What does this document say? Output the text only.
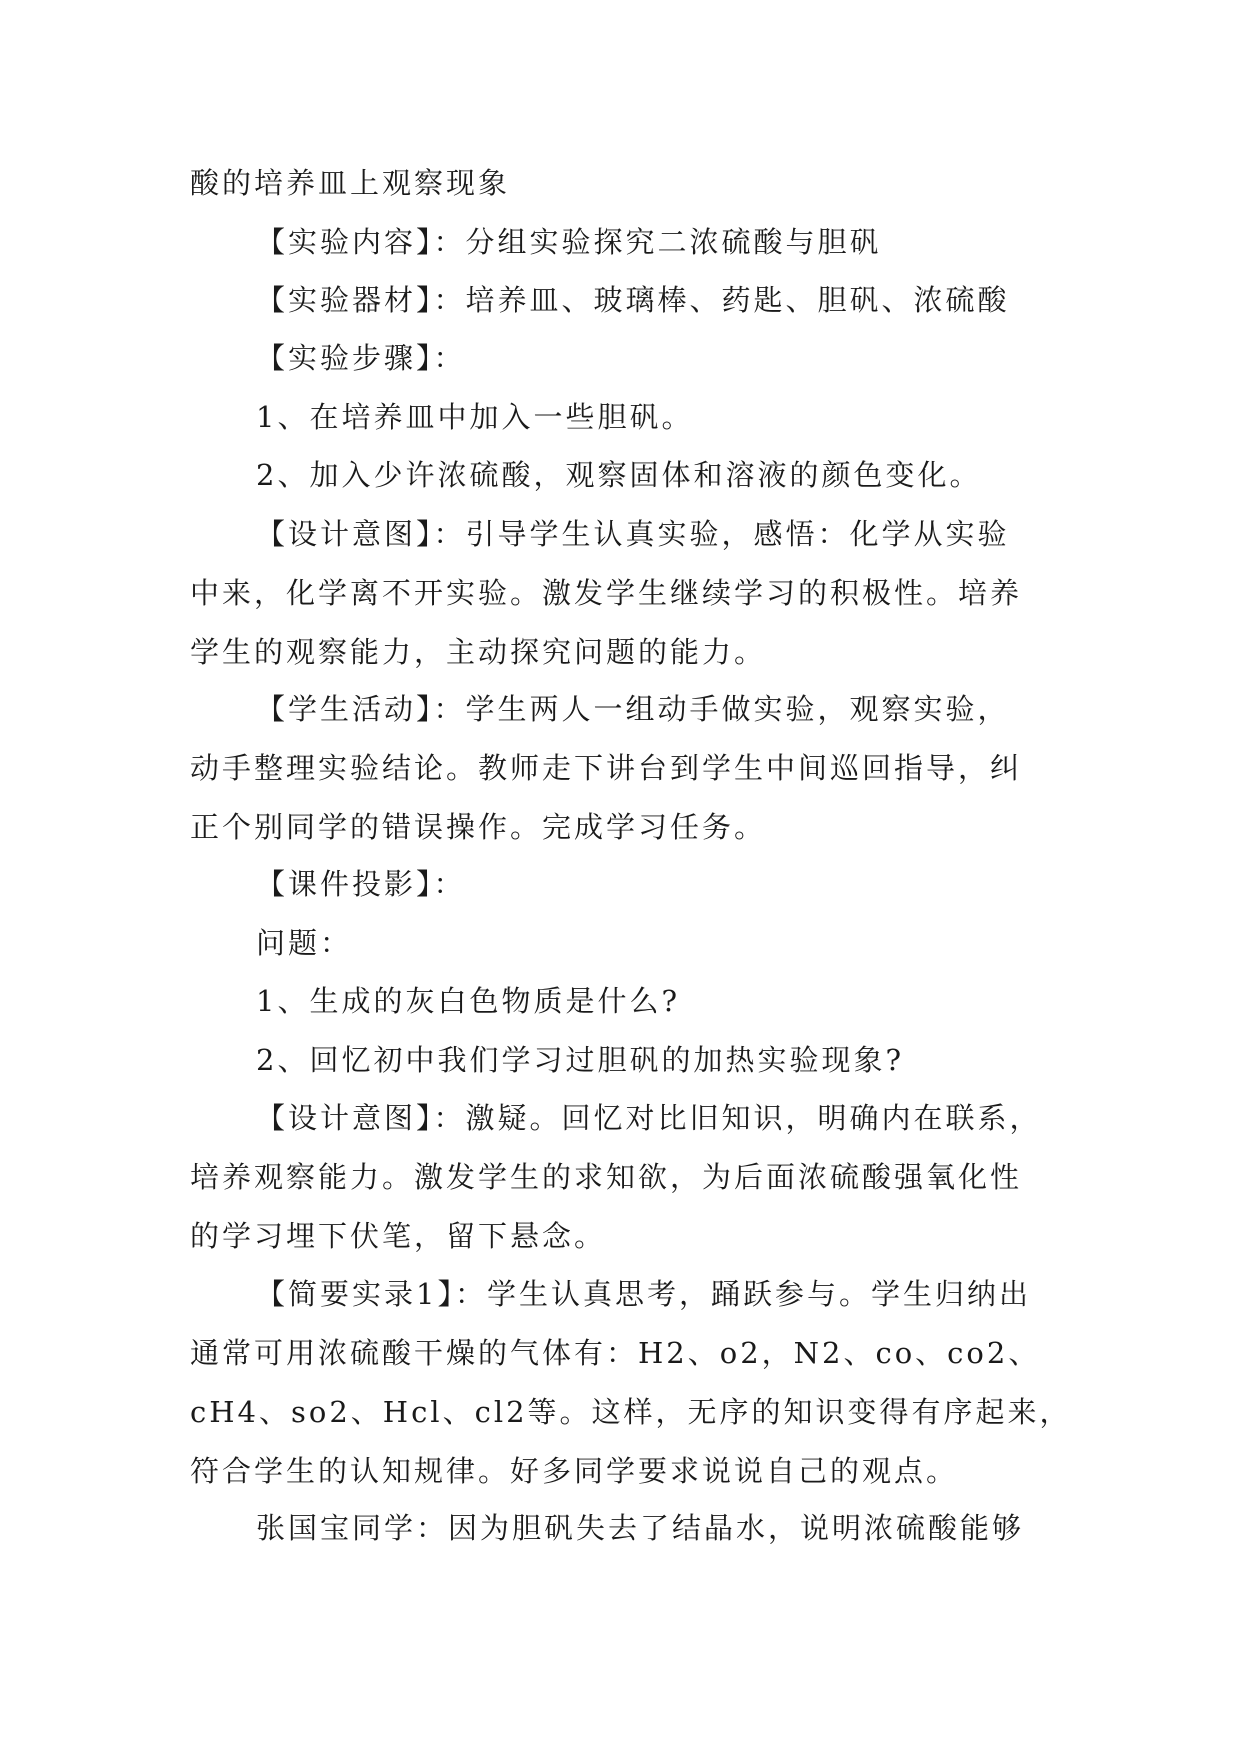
酸的培养皿上观察现象
【实验内容】：分组实验探究二浓硫酸与胆矾
【实验器材】：培养皿、玻璃棒、药匙、胆矾、浓硫酸
【实验步骤】：
1、在培养皿中加入一些胆矾。
2、加入少许浓硫酸，观察固体和溶液的颜色变化。
【设计意图】：引导学生认真实验，感悟：化学从实验
中来，化学离不开实验。激发学生继续学习的积极性。培养
学生的观察能力，主动探究问题的能力。
【学生活动】：学生两人一组动手做实验，观察实验，
动手整理实验结论。教师走下讲台到学生中间巡回指导，纠
正个别同学的错误操作。完成学习任务。
【课件投影】：
问题：
1、生成的灰白色物质是什么?
2、回忆初中我们学习过胆矾的加热实验现象?
【设计意图】：激疑。回忆对比旧知识，明确内在联系，
培养观察能力。激发学生的求知欲，为后面浓硫酸强氧化性
的学习埋下伏笔，留下悬念。
【简要实录1】：学生认真思考，踊跃参与。学生归纳出
通常可用浓硫酸干燥的气体有：H2、o2，N2、co、co2、
cH4、so2、Hcl、cl2等。这样，无序的知识变得有序起来，
符合学生的认知规律。好多同学要求说说自己的观点。
张国宝同学：因为胆矾失去了结晶水，说明浓硫酸能够
